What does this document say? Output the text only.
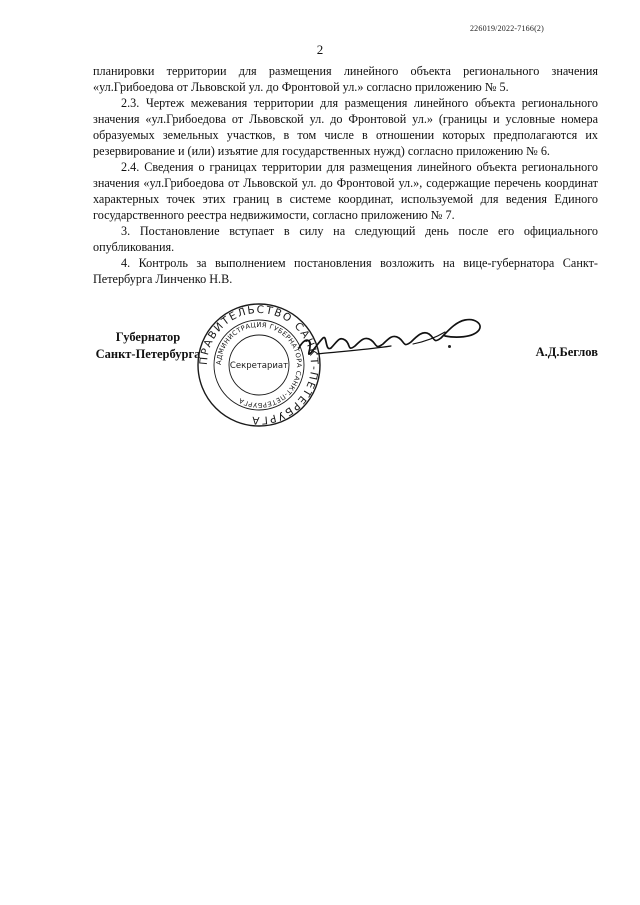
226019/2022-7166(2)
2

планировки территории для размещения линейного объекта регионального значения «ул.Грибоедова от Львовской ул. до Фронтовой ул.» согласно приложению № 5.

2.3. Чертеж межевания территории для размещения линейного объекта регионального значения «ул.Грибоедова от Львовской ул. до Фронтовой ул.» (границы и условные номера образуемых земельных участков, в том числе в отношении которых предполагаются их резервирование и (или) изъятие для государственных нужд) согласно приложению № 6.

2.4. Сведения о границах территории для размещения линейного объекта регионального значения «ул.Грибоедова от Львовской ул. до Фронтовой ул.», содержащие перечень координат характерных точек этих границ в системе координат, используемой для ведения Единого государственного реестра недвижимости, согласно приложению № 7.

3. Постановление вступает в силу на следующий день после его официального опубликования.

4. Контроль за выполнением постановления возложить на вице-губернатора Санкт-Петербурга Линченко Н.В.

Губернатор
Санкт-Петербурга
ПРАВИТЕЛЬСТВО САНКТ-ПЕТЕРБУРГА
АДМИНИСТРАЦИЯ ГУБЕРНАТОРА САНКТ-ПЕТЕРБУРГА
Секретариат
А.Д.Беглов
